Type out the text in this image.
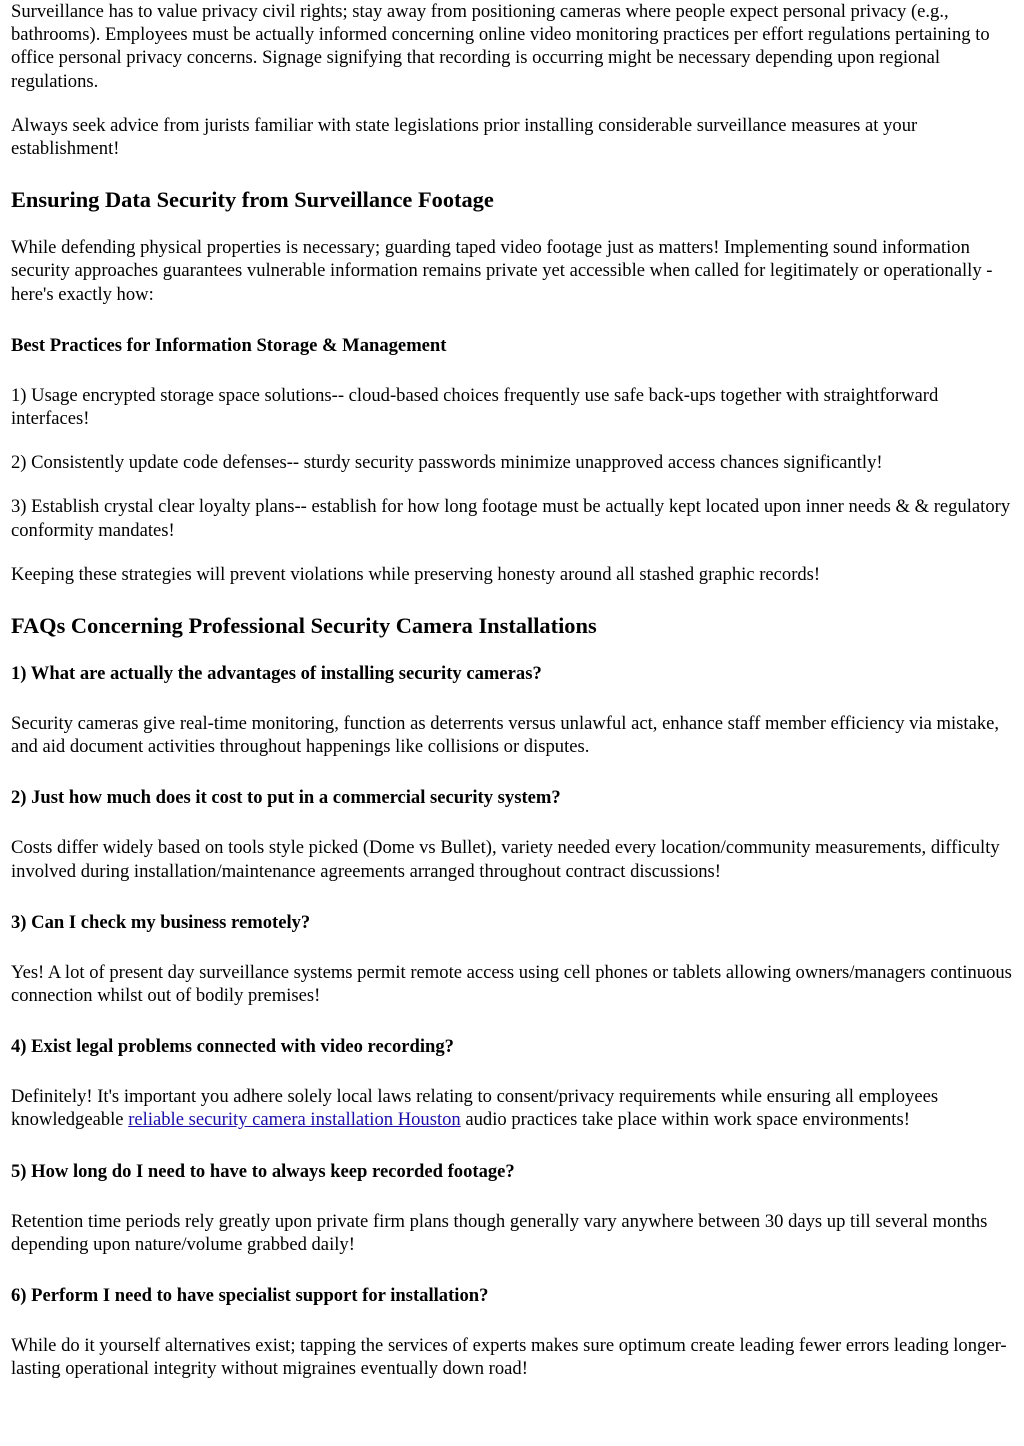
Surveillance has to value privacy civil rights; stay away from positioning cameras where people expect personal privacy (e.g., bathrooms). Employees must be actually informed concerning online video monitoring practices per effort regulations pertaining to office personal privacy concerns. Signage signifying that recording is occurring might be necessary depending upon regional regulations.

Always seek advice from jurists familiar with state legislations prior installing considerable surveillance measures at your establishment!

Ensuring Data Security from Surveillance Footage

While defending physical properties is necessary; guarding taped video footage just as matters! Implementing sound information security approaches guarantees vulnerable information remains private yet accessible when called for legitimately or operationally - here's exactly how:

Best Practices for Information Storage & Management

1) Usage encrypted storage space solutions-- cloud-based choices frequently use safe back-ups together with straightforward interfaces!

2) Consistently update code defenses-- sturdy security passwords minimize unapproved access chances significantly!

3) Establish crystal clear loyalty plans-- establish for how long footage must be actually kept located upon inner needs & & regulatory conformity mandates!

Keeping these strategies will prevent violations while preserving honesty around all stashed graphic records!

FAQs Concerning Professional Security Camera Installations
1) What are actually the advantages of installing security cameras?

Security cameras give real-time monitoring, function as deterrents versus unlawful act, enhance staff member efficiency via mistake, and aid document activities throughout happenings like collisions or disputes.

2) Just how much does it cost to put in a commercial security system?

Costs differ widely based on tools style picked (Dome vs Bullet), variety needed every location/community measurements, difficulty involved during installation/maintenance agreements arranged throughout contract discussions!

3) Can I check my business remotely?

Yes! A lot of present day surveillance systems permit remote access using cell phones or tablets allowing owners/managers continuous connection whilst out of bodily premises!

4) Exist legal problems connected with video recording?

Definitely! It's important you adhere solely local laws relating to consent/privacy requirements while ensuring all employees knowledgeable reliable security camera installation Houston audio practices take place within work space environments!

5) How long do I need to have to always keep recorded footage?

Retention time periods rely greatly upon private firm plans though generally vary anywhere between 30 days up till several months depending upon nature/volume grabbed daily!

6) Perform I need to have specialist support for installation?

While do it yourself alternatives exist; tapping the services of experts makes sure optimum create leading fewer errors leading longer-lasting operational integrity without migraines eventually down road!
